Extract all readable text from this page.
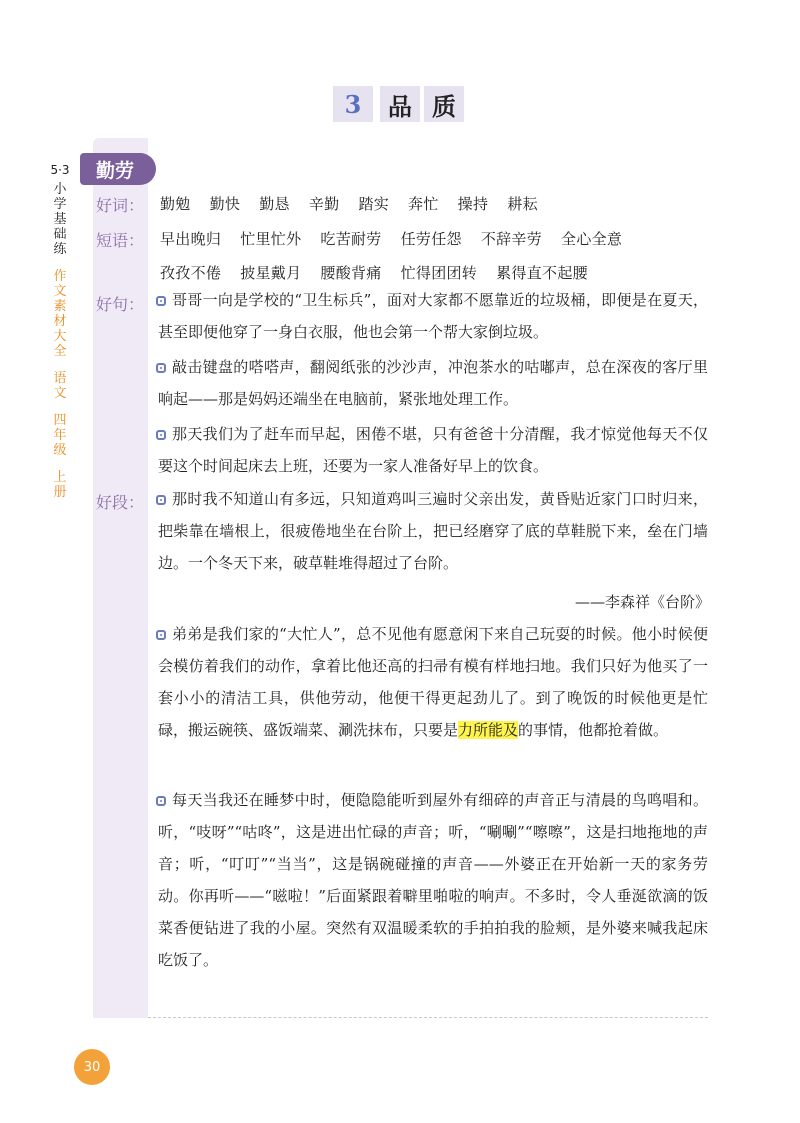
3 品 质
5·3
小学基础练
作文素材大全
语文
四年级
上册
勤劳
好词： 勤勉 勤快 勤恳 辛勤 踏实 奔忙 操持 耕耘
短语： 早出晚归 忙里忙外 吃苦耐劳 任劳任怨 不辞辛劳 全心全意
孜孜不倦 披星戴月 腰酸背痛 忙得团团转 累得直不起腰
好句：	哥哥一向是学校的“卫生标兵”，面对大家都不愿靠近的垃圾桶，即便是在夏天，甚至即便他穿了一身白衣服，他也会第一个帮大家倒垃圾。
敲击键盘的嗒嗒声，翻阅纸张的沙沙声，冲泡茶水的咕嘟声，总在深夜的客厅里响起——那是妈妈还端坐在电脑前，紧张地处理工作。
那天我们为了赶车而早起，困倦不堪，只有爸爸十分清醒，我才惊觉他每天不仅要这个时间起床去上班，还要为一家人准备好早上的饮食。
好段：	那时我不知道山有多远，只知道鸡叫三遍时父亲出发，黄昏贴近家门口时归来，把柴靠在墙根上，很疲倦地坐在台阶上，把已经磨穿了底的草鞋脱下来，垒在门墙边。一个冬天下来，破草鞋堆得超过了台阶。
——李森祥《台阶》
弟弟是我们家的“大忙人”，总不见他有愿意闲下来自己玩耍的时候。他小时候便会模仿着我们的动作，拿着比他还高的扫帚有模有样地扫地。我们只好为他买了一套小小的清洁工具，供他劳动，他便干得更起劲儿了。到了晚饭的时候他更是忙碌，搬运碗筷、盛饭端菜、涮洗抹布，只要是力所能及的事情，他都抢着做。
每天当我还在睡梦中时，便隐隐能听到屋外有细碎的声音正与清晨的鸟鸣唱和。听，“吱呀”“咕咚”，这是进出忙碌的声音；听，“唰唰”“嚓嚓”，这是扫地拖地的声音；听，“叮叮”“当当”，这是锅碗碰撞的声音——外婆正在开始新一天的家务劳动。你再听——“嗞啦！”后面紧跟着噼里啪啦的响声。不多时，令人垂涎欲滴的饭菜香便钻进了我的小屋。突然有双温暖柔软的手拍拍我的脸颊，是外婆来喊我起床吃饭了。
30
